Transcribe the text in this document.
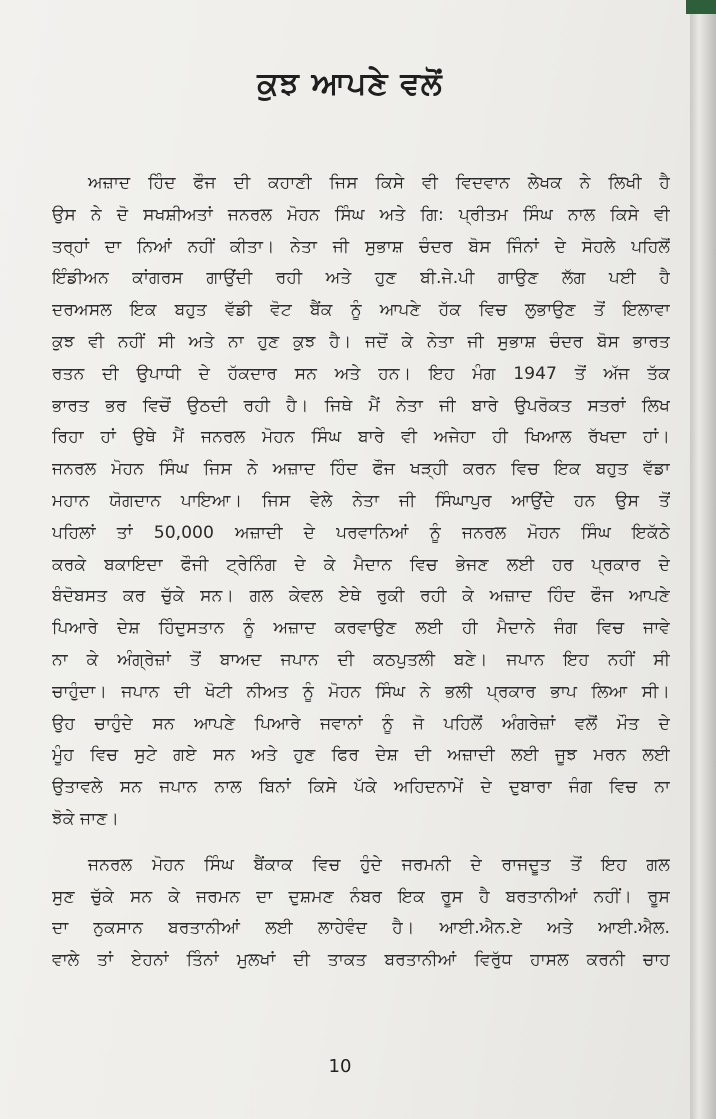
ਕੁਝ ਆਪਣੇ ਵਲੋਂ
ਅਜ਼ਾਦ ਹਿੰਦ ਫੌਜ ਦੀ ਕਹਾਣੀ ਜਿਸ ਕਿਸੇ ਵੀ ਵਿਦਵਾਨ ਲੇਖਕ ਨੇ ਲਿਖੀ ਹੈ
ਉਸ ਨੇ ਦੋ ਸਖਸ਼ੀਅਤਾਂ ਜਨਰਲ ਮੋਹਨ ਸਿੰਘ ਅਤੇ ਗਿ: ਪ੍ਰੀਤਮ ਸਿੰਘ ਨਾਲ ਕਿਸੇ ਵੀ
ਤਰ੍ਹਾਂ ਦਾ ਨਿਆਂ ਨਹੀਂ ਕੀਤਾ। ਨੇਤਾ ਜੀ ਸੁਭਾਸ਼ ਚੰਦਰ ਬੋਸ ਜਿੰਨਾਂ ਦੇ ਸੋਹਲੇ ਪਹਿਲੋਂ
ਇੰਡੀਅਨ ਕਾਂਗਰਸ ਗਾਉਂਦੀ ਰਹੀ ਅਤੇ ਹੁਣ ਬੀ.ਜੇ.ਪੀ ਗਾਉਣ ਲੱਗ ਪਈ ਹੈ
ਦਰਅਸਲ ਇਕ ਬਹੁਤ ਵੱਡੀ ਵੋਟ ਬੈਂਕ ਨੂੰ ਆਪਣੇ ਹੱਕ ਵਿਚ ਲੁਭਾਉਣ ਤੋਂ ਇਲਾਵਾ
ਕੁਝ ਵੀ ਨਹੀਂ ਸੀ ਅਤੇ ਨਾ ਹੁਣ ਕੁਝ ਹੈ। ਜਦੋਂ ਕੇ ਨੇਤਾ ਜੀ ਸੁਭਾਸ਼ ਚੰਦਰ ਬੋਸ ਭਾਰਤ
ਰਤਨ ਦੀ ਉਪਾਧੀ ਦੇ ਹੱਕਦਾਰ ਸਨ ਅਤੇ ਹਨ। ਇਹ ਮੰਗ 1947 ਤੋਂ ਅੱਜ ਤੱਕ
ਭਾਰਤ ਭਰ ਵਿਚੋਂ ਉਠਦੀ ਰਹੀ ਹੈ। ਜਿਥੇ ਮੈਂ ਨੇਤਾ ਜੀ ਬਾਰੇ ਉਪਰੋਕਤ ਸਤਰਾਂ ਲਿਖ
ਰਿਹਾ ਹਾਂ ਉਥੇ ਮੈਂ ਜਨਰਲ ਮੋਹਨ ਸਿੰਘ ਬਾਰੇ ਵੀ ਅਜੇਹਾ ਹੀ ਖਿਆਲ ਰੱਖਦਾ ਹਾਂ।
ਜਨਰਲ ਮੋਹਨ ਸਿੰਘ ਜਿਸ ਨੇ ਅਜ਼ਾਦ ਹਿੰਦ ਫੌਜ ਖੜ੍ਹੀ ਕਰਨ ਵਿਚ ਇਕ ਬਹੁਤ ਵੱਡਾ
ਮਹਾਨ ਯੋਗਦਾਨ ਪਾਇਆ। ਜਿਸ ਵੇਲੇ ਨੇਤਾ ਜੀ ਸਿੰਘਾਪੁਰ ਆਉਂਦੇ ਹਨ ਉਸ ਤੋਂ
ਪਹਿਲਾਂ ਤਾਂ 50,000 ਅਜ਼ਾਦੀ ਦੇ ਪਰਵਾਨਿਆਂ ਨੂੰ ਜਨਰਲ ਮੋਹਨ ਸਿੰਘ ਇਕੱਠੇ
ਕਰਕੇ ਬਕਾਇਦਾ ਫੌਜੀ ਟ੍ਰੇਨਿੰਗ ਦੇ ਕੇ ਮੈਦਾਨ ਵਿਚ ਭੇਜਣ ਲਈ ਹਰ ਪ੍ਰਕਾਰ ਦੇ
ਬੰਦੋਬਸਤ ਕਰ ਚੁੱਕੇ ਸਨ। ਗਲ ਕੇਵਲ ਏਥੇ ਰੁਕੀ ਰਹੀ ਕੇ ਅਜ਼ਾਦ ਹਿੰਦ ਫੌਜ ਆਪਣੇ
ਪਿਆਰੇ ਦੇਸ਼ ਹਿੰਦੁਸਤਾਨ ਨੂੰ ਅਜ਼ਾਦ ਕਰਵਾਉਣ ਲਈ ਹੀ ਮੈਦਾਨੇ ਜੰਗ ਵਿਚ ਜਾਵੇ
ਨਾ ਕੇ ਅੰਗ੍ਰੇਜ਼ਾਂ ਤੋਂ ਬਾਅਦ ਜਪਾਨ ਦੀ ਕਠਪੁਤਲੀ ਬਣੇ। ਜਪਾਨ ਇਹ ਨਹੀਂ ਸੀ
ਚਾਹੁੰਦਾ। ਜਪਾਨ ਦੀ ਖੋਟੀ ਨੀਅਤ ਨੂੰ ਮੋਹਨ ਸਿੰਘ ਨੇ ਭਲੀ ਪ੍ਰਕਾਰ ਭਾਪ ਲਿਆ ਸੀ।
ਉਹ ਚਾਹੁੰਦੇ ਸਨ ਆਪਣੇ ਪਿਆਰੇ ਜਵਾਨਾਂ ਨੂੰ ਜੋ ਪਹਿਲੋਂ ਅੰਗਰੇਜ਼ਾਂ ਵਲੋਂ ਮੌਤ ਦੇ
ਮੂੰਹ ਵਿਚ ਸੁਟੇ ਗਏ ਸਨ ਅਤੇ ਹੁਣ ਫਿਰ ਦੇਸ਼ ਦੀ ਅਜ਼ਾਦੀ ਲਈ ਜੂਝ ਮਰਨ ਲਈ
ਉਤਾਵਲੇ ਸਨ ਜਪਾਨ ਨਾਲ ਬਿਨਾਂ ਕਿਸੇ ਪੱਕੇ ਅਹਿਦਨਾਮੇਂ ਦੇ ਦੁਬਾਰਾ ਜੰਗ ਵਿਚ ਨਾ
ਝੋਕੇ ਜਾਣ।
ਜਨਰਲ ਮੋਹਨ ਸਿੰਘ ਬੈਂਕਾਕ ਵਿਚ ਹੁੰਦੇ ਜਰਮਨੀ ਦੇ ਰਾਜਦੂਤ ਤੋਂ ਇਹ ਗਲ
ਸੁਣ ਚੁੱਕੇ ਸਨ ਕੇ ਜਰਮਨ ਦਾ ਦੁਸ਼ਮਣ ਨੰਬਰ ਇਕ ਰੂਸ ਹੈ ਬਰਤਾਨੀਆਂ ਨਹੀਂ। ਰੂਸ
ਦਾ ਨੁਕਸਾਨ ਬਰਤਾਨੀਆਂ ਲਈ ਲਾਹੇਵੰਦ ਹੈ। ਆਈ.ਐਨ.ਏ ਅਤੇ ਆਈ.ਐਲ.
ਵਾਲੇ ਤਾਂ ਏਹਨਾਂ ਤਿੰਨਾਂ ਮੁਲਖਾਂ ਦੀ ਤਾਕਤ ਬਰਤਾਨੀਆਂ ਵਿਰੁੱਧ ਹਾਸਲ ਕਰਨੀ ਚਾਹ
10
